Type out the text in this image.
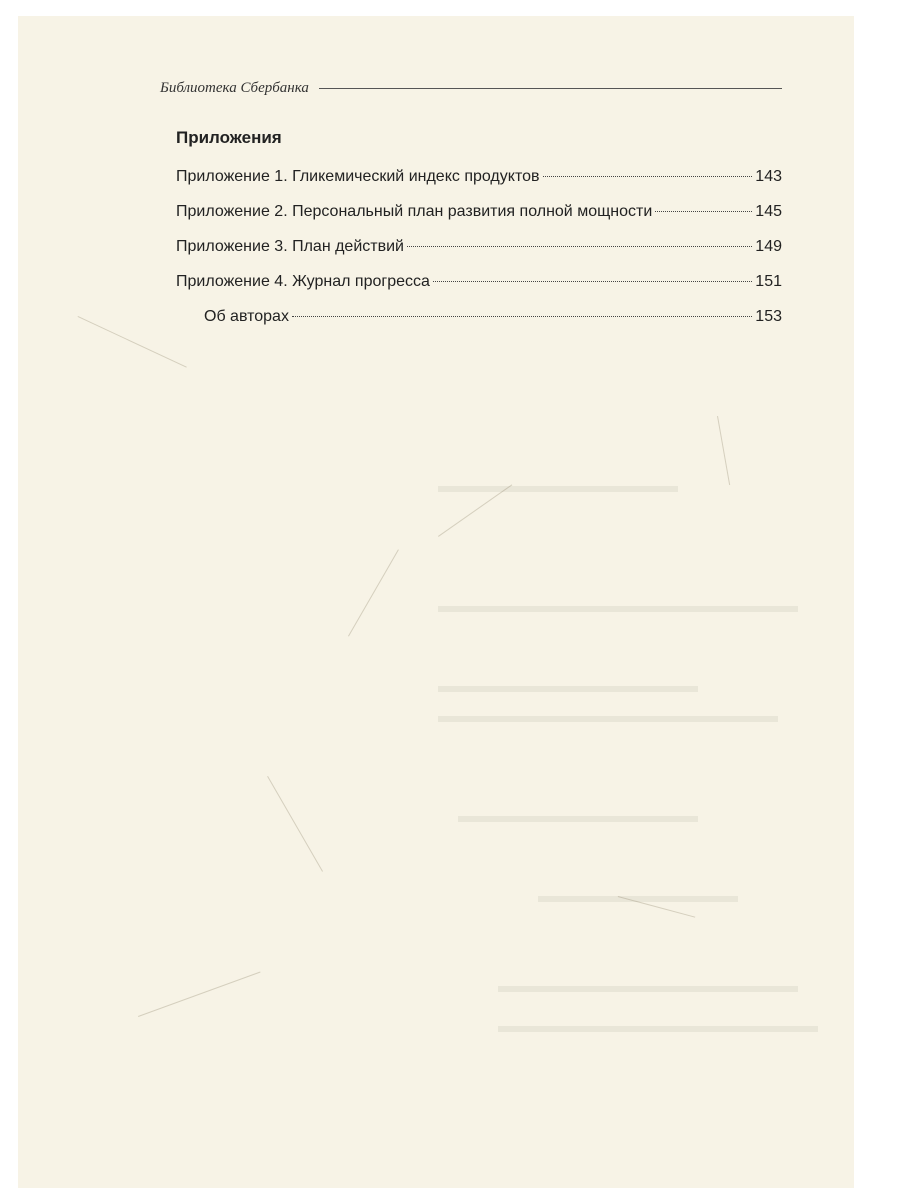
Библиотека Сбербанка
Приложения
Приложение 1. Гликемический индекс продуктов	143
Приложение 2. Персональный план развития полной мощности	145
Приложение 3. План действий	149
Приложение 4. Журнал прогресса	151
Об авторах	153
